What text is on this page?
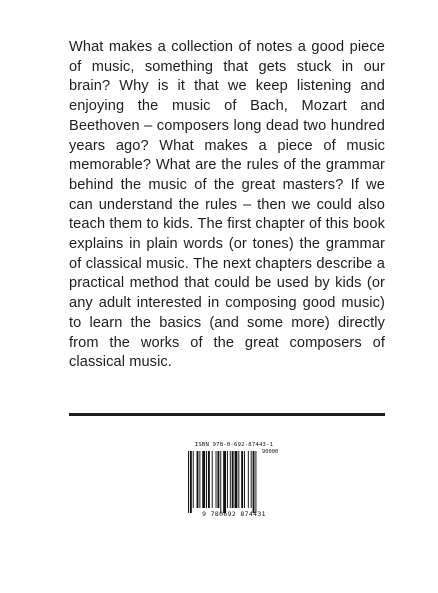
What makes a collection of notes a good piece of music, something that gets stuck in our brain? Why is it that we keep listening and enjoying the music of Bach, Mozart and Beethoven – composers long dead two hundred years ago? What makes a piece of music memorable? What are the rules of the grammar behind the music of the great masters? If we can understand the rules – then we could also teach them to kids. The first chapter of this book explains in plain words (or tones) the grammar of classical music. The next chapters describe a practical method that could be used by kids (or any adult interested in composing good music) to learn the basics (and some more) directly from the works of the great composers of classical music.

ISBN 978-0-692-87443-1
90000
9 780692 874431
